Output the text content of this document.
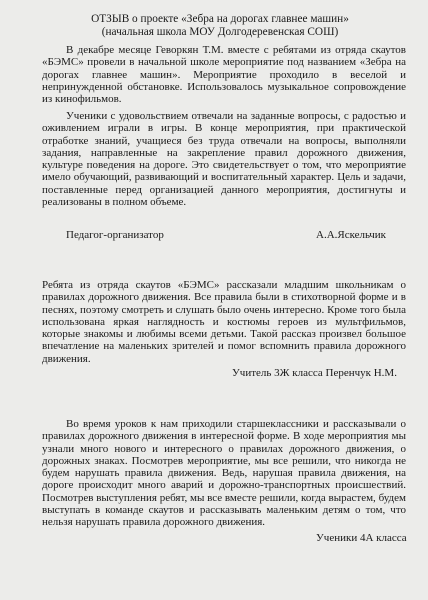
ОТЗЫВ о проекте «Зебра на дорогах главнее машин»
(начальная школа МОУ Долгодеревенская СОШ)

В декабре месяце Геворкян Т.М. вместе с ребятами из отряда скаутов «БЭМС» провели в начальной школе мероприятие под названием «Зебра на дорогах главнее машин». Мероприятие проходило в веселой и непринужденной обстановке. Использовалось музыкальное сопровождение из кинофильмов.

Ученики с удовольствием отвечали на заданные вопросы, с радостью и оживлением играли в игры. В конце мероприятия, при практической отработке знаний, учащиеся без труда отвечали на вопросы, выполняли задания, направленные на закрепление правил дорожного движения, культуре поведения на дороге. Это свидетельствует о том, что мероприятие имело обучающий, развивающий и воспитательный характер. Цель и задачи, поставленные перед организацией данного мероприятия, достигнуты и реализованы в полном объеме.

Педагог-организатор	А.А.Яскельчик

Ребята из отряда скаутов «БЭМС» рассказали младшим школьникам о правилах дорожного движения. Все правила были в стихотворной форме и в песнях, поэтому смотреть и слушать было очень интересно. Кроме того была использована яркая наглядность и костюмы героев из мультфильмов, которые знакомы и любимы всеми детьми. Такой рассказ произвел большое впечатление на маленьких зрителей и помог вспомнить правила дорожного движения.

Учитель 3Ж класса Перенчук Н.М.

Во время уроков к нам приходили старшеклассники и рассказывали о правилах дорожного движения в интересной форме. В ходе мероприятия мы узнали много нового и интересного о правилах дорожного движения, о дорожных знаках. Посмотрев мероприятие, мы все решили, что никогда не будем нарушать правила движения. Ведь, нарушая правила движения, на дороге происходит много аварий и дорожно-транспортных происшествий. Посмотрев выступления ребят, мы все вместе решили, когда вырастем, будем выступать в команде скаутов и рассказывать маленьким детям о том, что нельзя нарушать правила дорожного движения.

Ученики 4А класса
